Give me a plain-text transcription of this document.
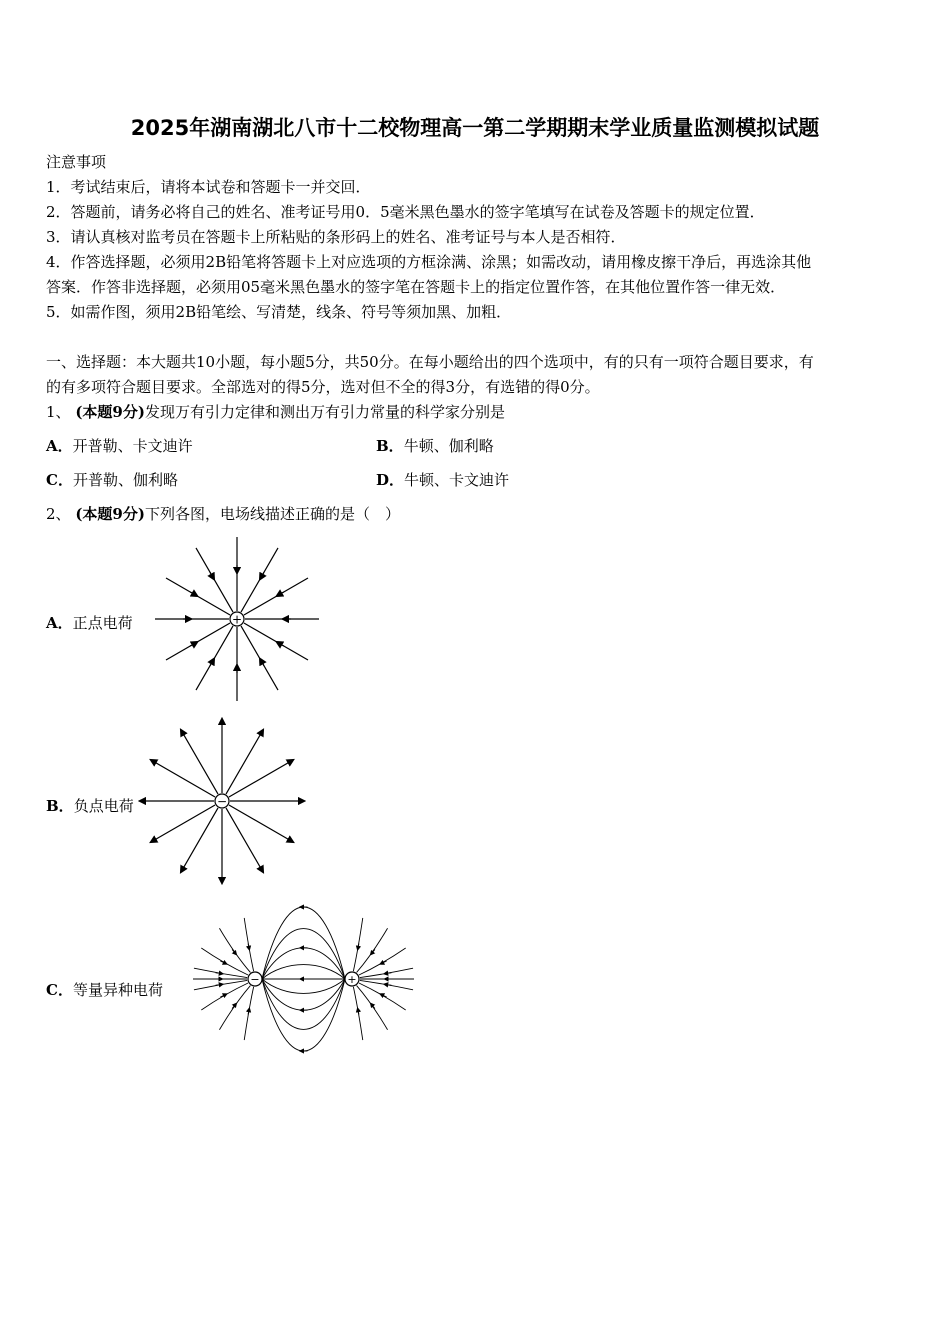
2025年湖南湖北八市十二校物理高一第二学期期末学业质量监测模拟试题
注意事项
1．考试结束后，请将本试卷和答题卡一并交回．
2．答题前，请务必将自己的姓名、准考证号用0．5毫米黑色墨水的签字笔填写在试卷及答题卡的规定位置．
3．请认真核对监考员在答题卡上所粘贴的条形码上的姓名、准考证号与本人是否相符．
4．作答选择题，必须用2B铅笔将答题卡上对应选项的方框涂满、涂黑；如需改动，请用橡皮擦干净后，再选涂其他
答案．作答非选择题，必须用05毫米黑色墨水的签字笔在答题卡上的指定位置作答，在其他位置作答一律无效．
5．如需作图，须用2B铅笔绘、写清楚，线条、符号等须加黑、加粗．
一、选择题：本大题共10小题，每小题5分，共50分。在每小题给出的四个选项中，有的只有一项符合题目要求，有
的有多项符合题目要求。全部选对的得5分，选对但不全的得3分，有选错的得0分。
1、 (本题9分)发现万有引力定律和测出万有引力常量的科学家分别是
A．开普勒、卡文迪许	B．牛顿、伽利略
C．开普勒、伽利略	D．牛顿、卡文迪许
2、 (本题9分)下列各图，电场线描述正确的是（　）
A．正点电荷
B．负点电荷
C．等量异种电荷
+
−
−	+
